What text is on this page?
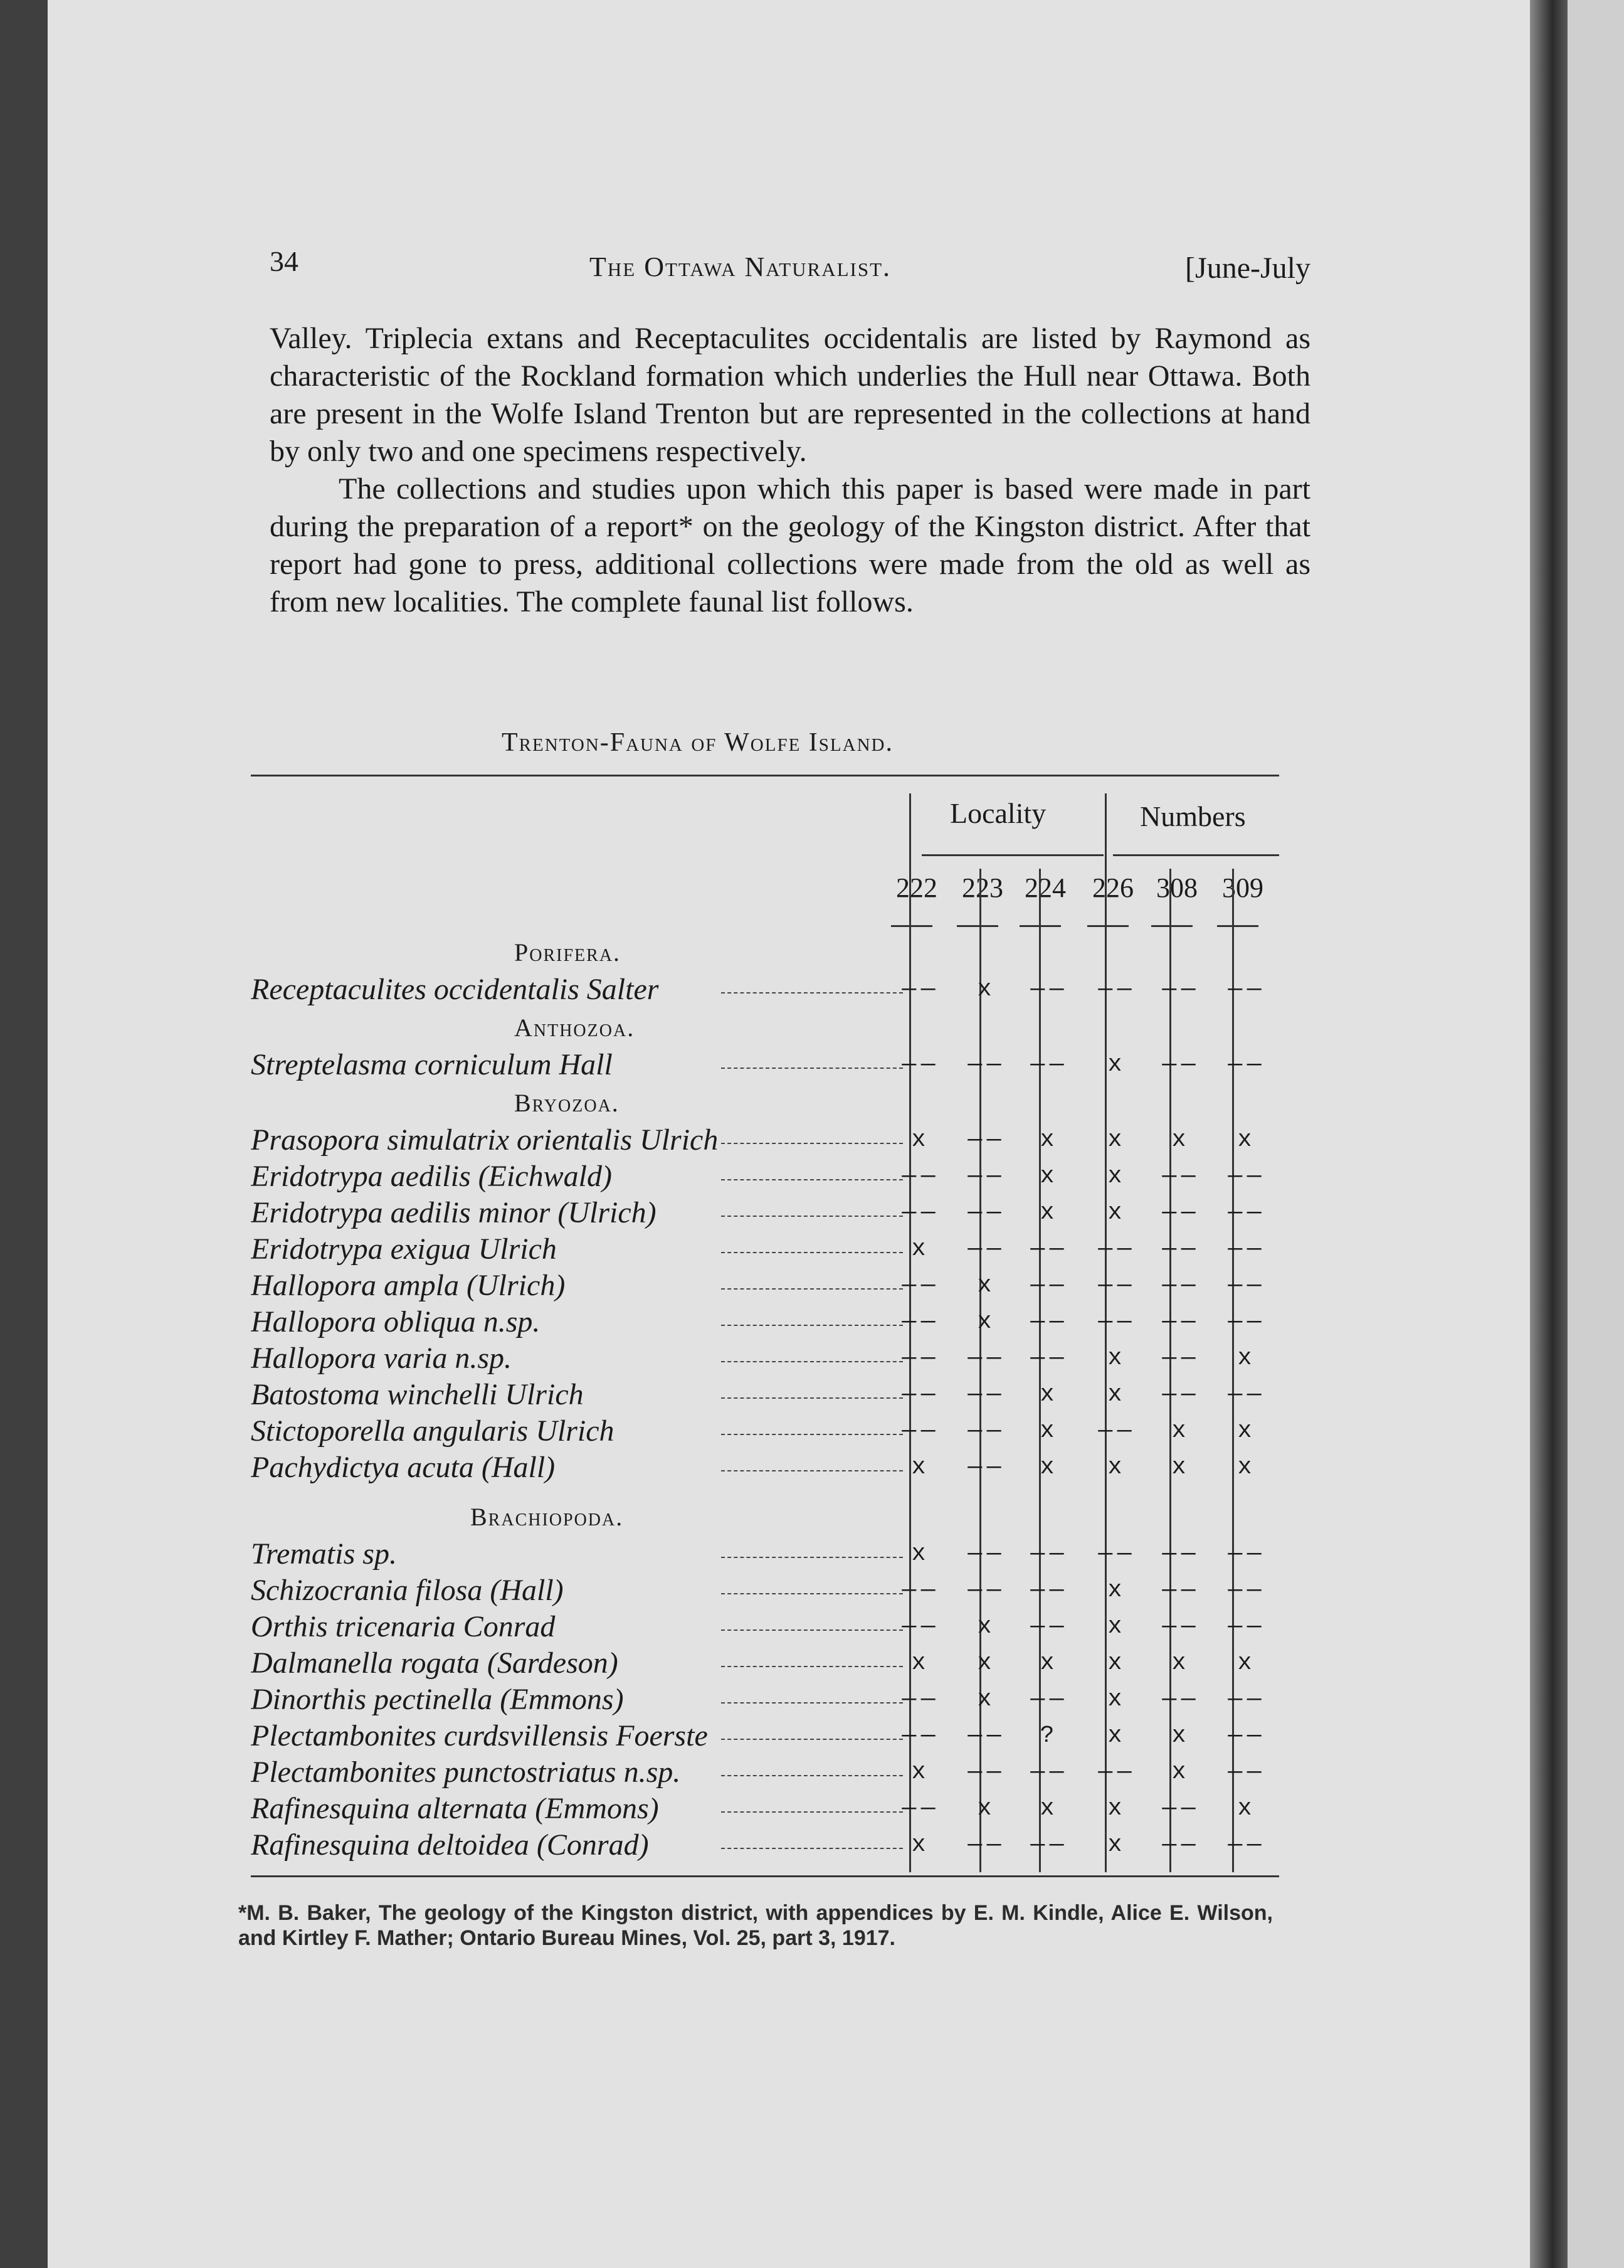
34	The Ottawa Naturalist.	[June-July

Valley. Triplecia extans and Receptaculites occidentalis are listed by Raymond as characteristic of the Rockland formation which underlies the Hull near Ottawa. Both are present in the Wolfe Island Trenton but are represented in the collections at hand by only two and one specimens respectively.

The collections and studies upon which this paper is based were made in part during the preparation of a report* on the geology of the Kingston district. After that report had gone to press, additional collections were made from the old as well as from new localities. The complete faunal list follows.

Trenton-Fauna of Wolfe Island.
Locality	Numbers
222 223 224 226 308 309
Porifera.
Receptaculites occidentalis Salter	— —	x	— —	— —	— —	— —
Anthozoa.
Streptelasma corniculum Hall	— —	— —	— —	x	— —	— —
Bryozoa.
Prasopora simulatrix orientalis Ulrich	x	— —	x	x	x	x
Eridotrypa aedilis (Eichwald)	— —	— —	x	x	— —	— —
Eridotrypa aedilis minor (Ulrich)	— —	— —	x	x	— —	— —
Eridotrypa exigua Ulrich	x	— —	— —	— —	— —	— —
Hallopora ampla (Ulrich)	— —	x	— —	— —	— —	— —
Hallopora obliqua n.sp.	— —	x	— —	— —	— —	— —
Hallopora varia n.sp.	— —	— —	— —	x	— —	x
Batostoma winchelli Ulrich	— —	— —	x	x	— —	— —
Stictoporella angularis Ulrich	— —	— —	x	— —	x	x
Pachydictya acuta (Hall)	x	— —	x	x	x	x
Brachiopoda.
Trematis sp.	x	— —	— —	— —	— —	— —
Schizocrania filosa (Hall)	— —	— —	— —	x	— —	— —
Orthis tricenaria Conrad	— —	x	— —	x	— —	— —
Dalmanella rogata (Sardeson)	x	x	x	x	x	x
Dinorthis pectinella (Emmons)	— —	x	— —	x	— —	— —
Plectambonites curdsvillensis Foerste	— —	— —	?	x	x	— —
Plectambonites punctostriatus n.sp.	x	— —	— —	— —	x	— —
Rafinesquina alternata (Emmons)	— —	x	x	x	— —	x
Rafinesquina deltoidea (Conrad)	x	— —	— —	x	— —	— —
*M. B. Baker, The geology of the Kingston district, with appendices by E. M. Kindle, Alice E. Wilson, and Kirtley F. Mather; Ontario Bureau Mines, Vol. 25, part 3, 1917.
